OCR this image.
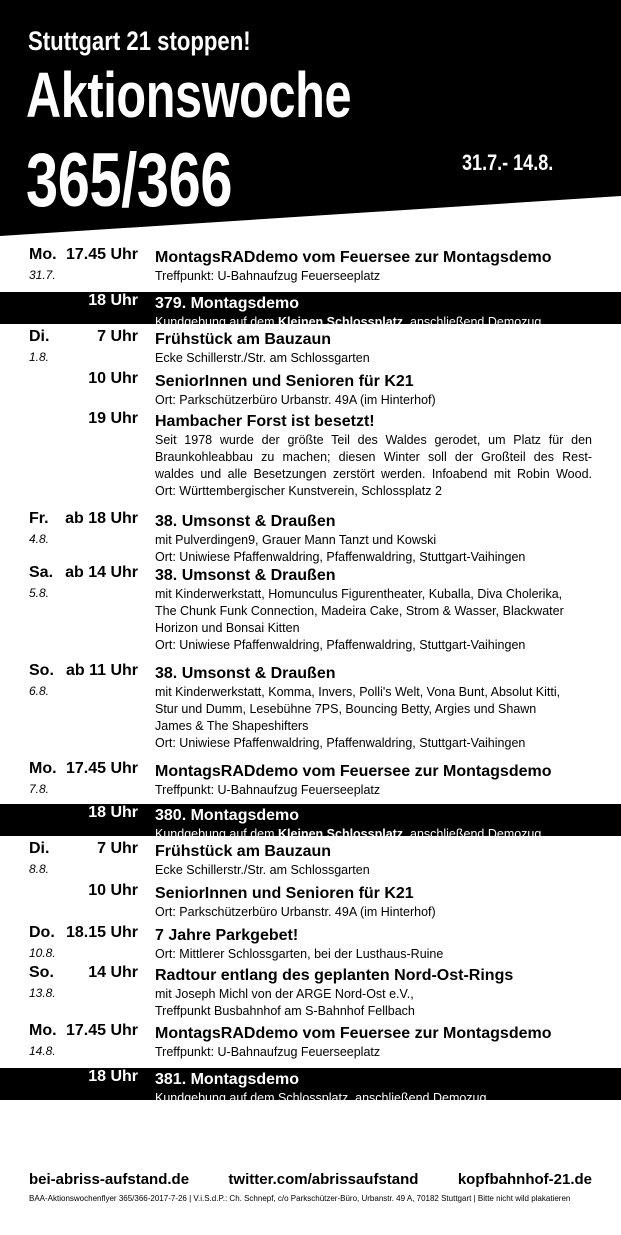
Stuttgart 21 stoppen!
Aktionswoche
365/366	31.7.- 14.8.
Mo. 17.45 Uhr
31.7.
MontagsRADdemo vom Feuersee zur Montagsdemo
Treffpunkt: U-Bahnaufzug Feuerseeplatz
18 Uhr 379. Montagsdemo
Kundgebung auf dem Kleinen Schlossplatz, anschließend Demozug
Di.	7 Uhr
1.8.
Frühstück am Bauzaun
Ecke Schillerstr./Str. am Schlossgarten
10 Uhr SeniorInnen und Senioren für K21
Ort: Parkschützerbüro Urbanstr. 49A (im Hinterhof)
19 Uhr Hambacher Forst ist besetzt!
Seit 1978 wurde der größte Teil des Waldes gerodet, um Platz für den
Braunkohleabbau zu machen; diesen Winter soll der Großteil des Rest-
waldes und alle Besetzungen zerstört werden. Infoabend mit Robin Wood.
Ort: Württembergischer Kunstverein, Schlossplatz 2
Fr. ab 18 Uhr
4.8.
38. Umsonst & Draußen
mit Pulverdingen9, Grauer Mann Tanzt und Kowski
Ort: Uniwiese Pfaffenwaldring, Pfaffenwaldring, Stuttgart-Vaihingen
Sa. ab 14 Uhr
5.8.
38. Umsonst & Draußen
mit Kinderwerkstatt, Homunculus Figurentheater, Kuballa, Diva Cholerika,
The Chunk Funk Connection, Madeira Cake, Strom & Wasser, Blackwater
Horizon und Bonsai Kitten
Ort: Uniwiese Pfaffenwaldring, Pfaffenwaldring, Stuttgart-Vaihingen
So. ab 11 Uhr
6.8.
38. Umsonst & Draußen
mit Kinderwerkstatt, Komma, Invers, Polli's Welt, Vona Bunt, Absolut Kitti,
Stur und Dumm, Lesebühne 7PS, Bouncing Betty, Argies und Shawn
James & The Shapeshifters
Ort: Uniwiese Pfaffenwaldring, Pfaffenwaldring, Stuttgart-Vaihingen
Mo. 17.45 Uhr
7.8.
MontagsRADdemo vom Feuersee zur Montagsdemo
Treffpunkt: U-Bahnaufzug Feuerseeplatz
18 Uhr 380. Montagsdemo
Kundgebung auf dem Kleinen Schlossplatz, anschließend Demozug
Di.	7 Uhr
8.8.
Frühstück am Bauzaun
Ecke Schillerstr./Str. am Schlossgarten
10 Uhr SeniorInnen und Senioren für K21
Ort: Parkschützerbüro Urbanstr. 49A (im Hinterhof)
Do. 18.15 Uhr
10.8.
7 Jahre Parkgebet!
Ort: Mittlerer Schlossgarten, bei der Lusthaus-Ruine
So. 14 Uhr
13.8.
Radtour entlang des geplanten Nord-Ost-Rings
mit Joseph Michl von der ARGE Nord-Ost e.V.,
Treffpunkt Busbahnhof am S-Bahnhof Fellbach
Mo. 17.45 Uhr
14.8.
MontagsRADdemo vom Feuersee zur Montagsdemo
Treffpunkt: U-Bahnaufzug Feuerseeplatz
18 Uhr 381. Montagsdemo
Kundgebung auf dem Schlossplatz, anschließend Demozug
bei-abriss-aufstand.de	twitter.com/abrissaufstand	kopfbahnhof-21.de
BAA-Aktionswochenflyer 365/366-2017-7-26 | V.i.S.d.P.: Ch. Schnepf, c/o Parkschützer-Büro, Urbanstr. 49 A, 70182 Stuttgart | Bitte nicht wild plakatieren
